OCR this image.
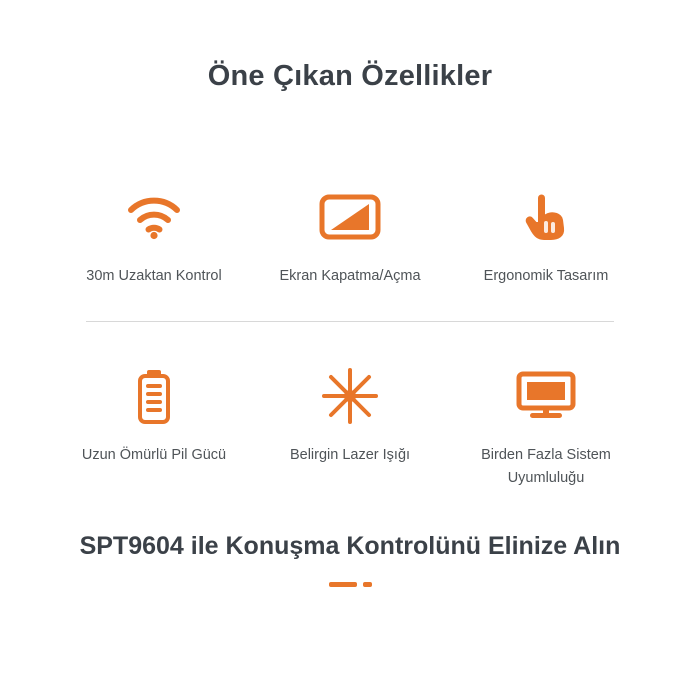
Öne Çıkan Özellikler
30m Uzaktan Kontrol	Ekran Kapatma/Açma	Ergonomik Tasarım
Uzun Ömürlü Pil Gücü	Belirgin Lazer Işığı	Birden Fazla Sistem Uyumluluğu
SPT9604 ile Konuşma Kontrolünü Elinize Alın
